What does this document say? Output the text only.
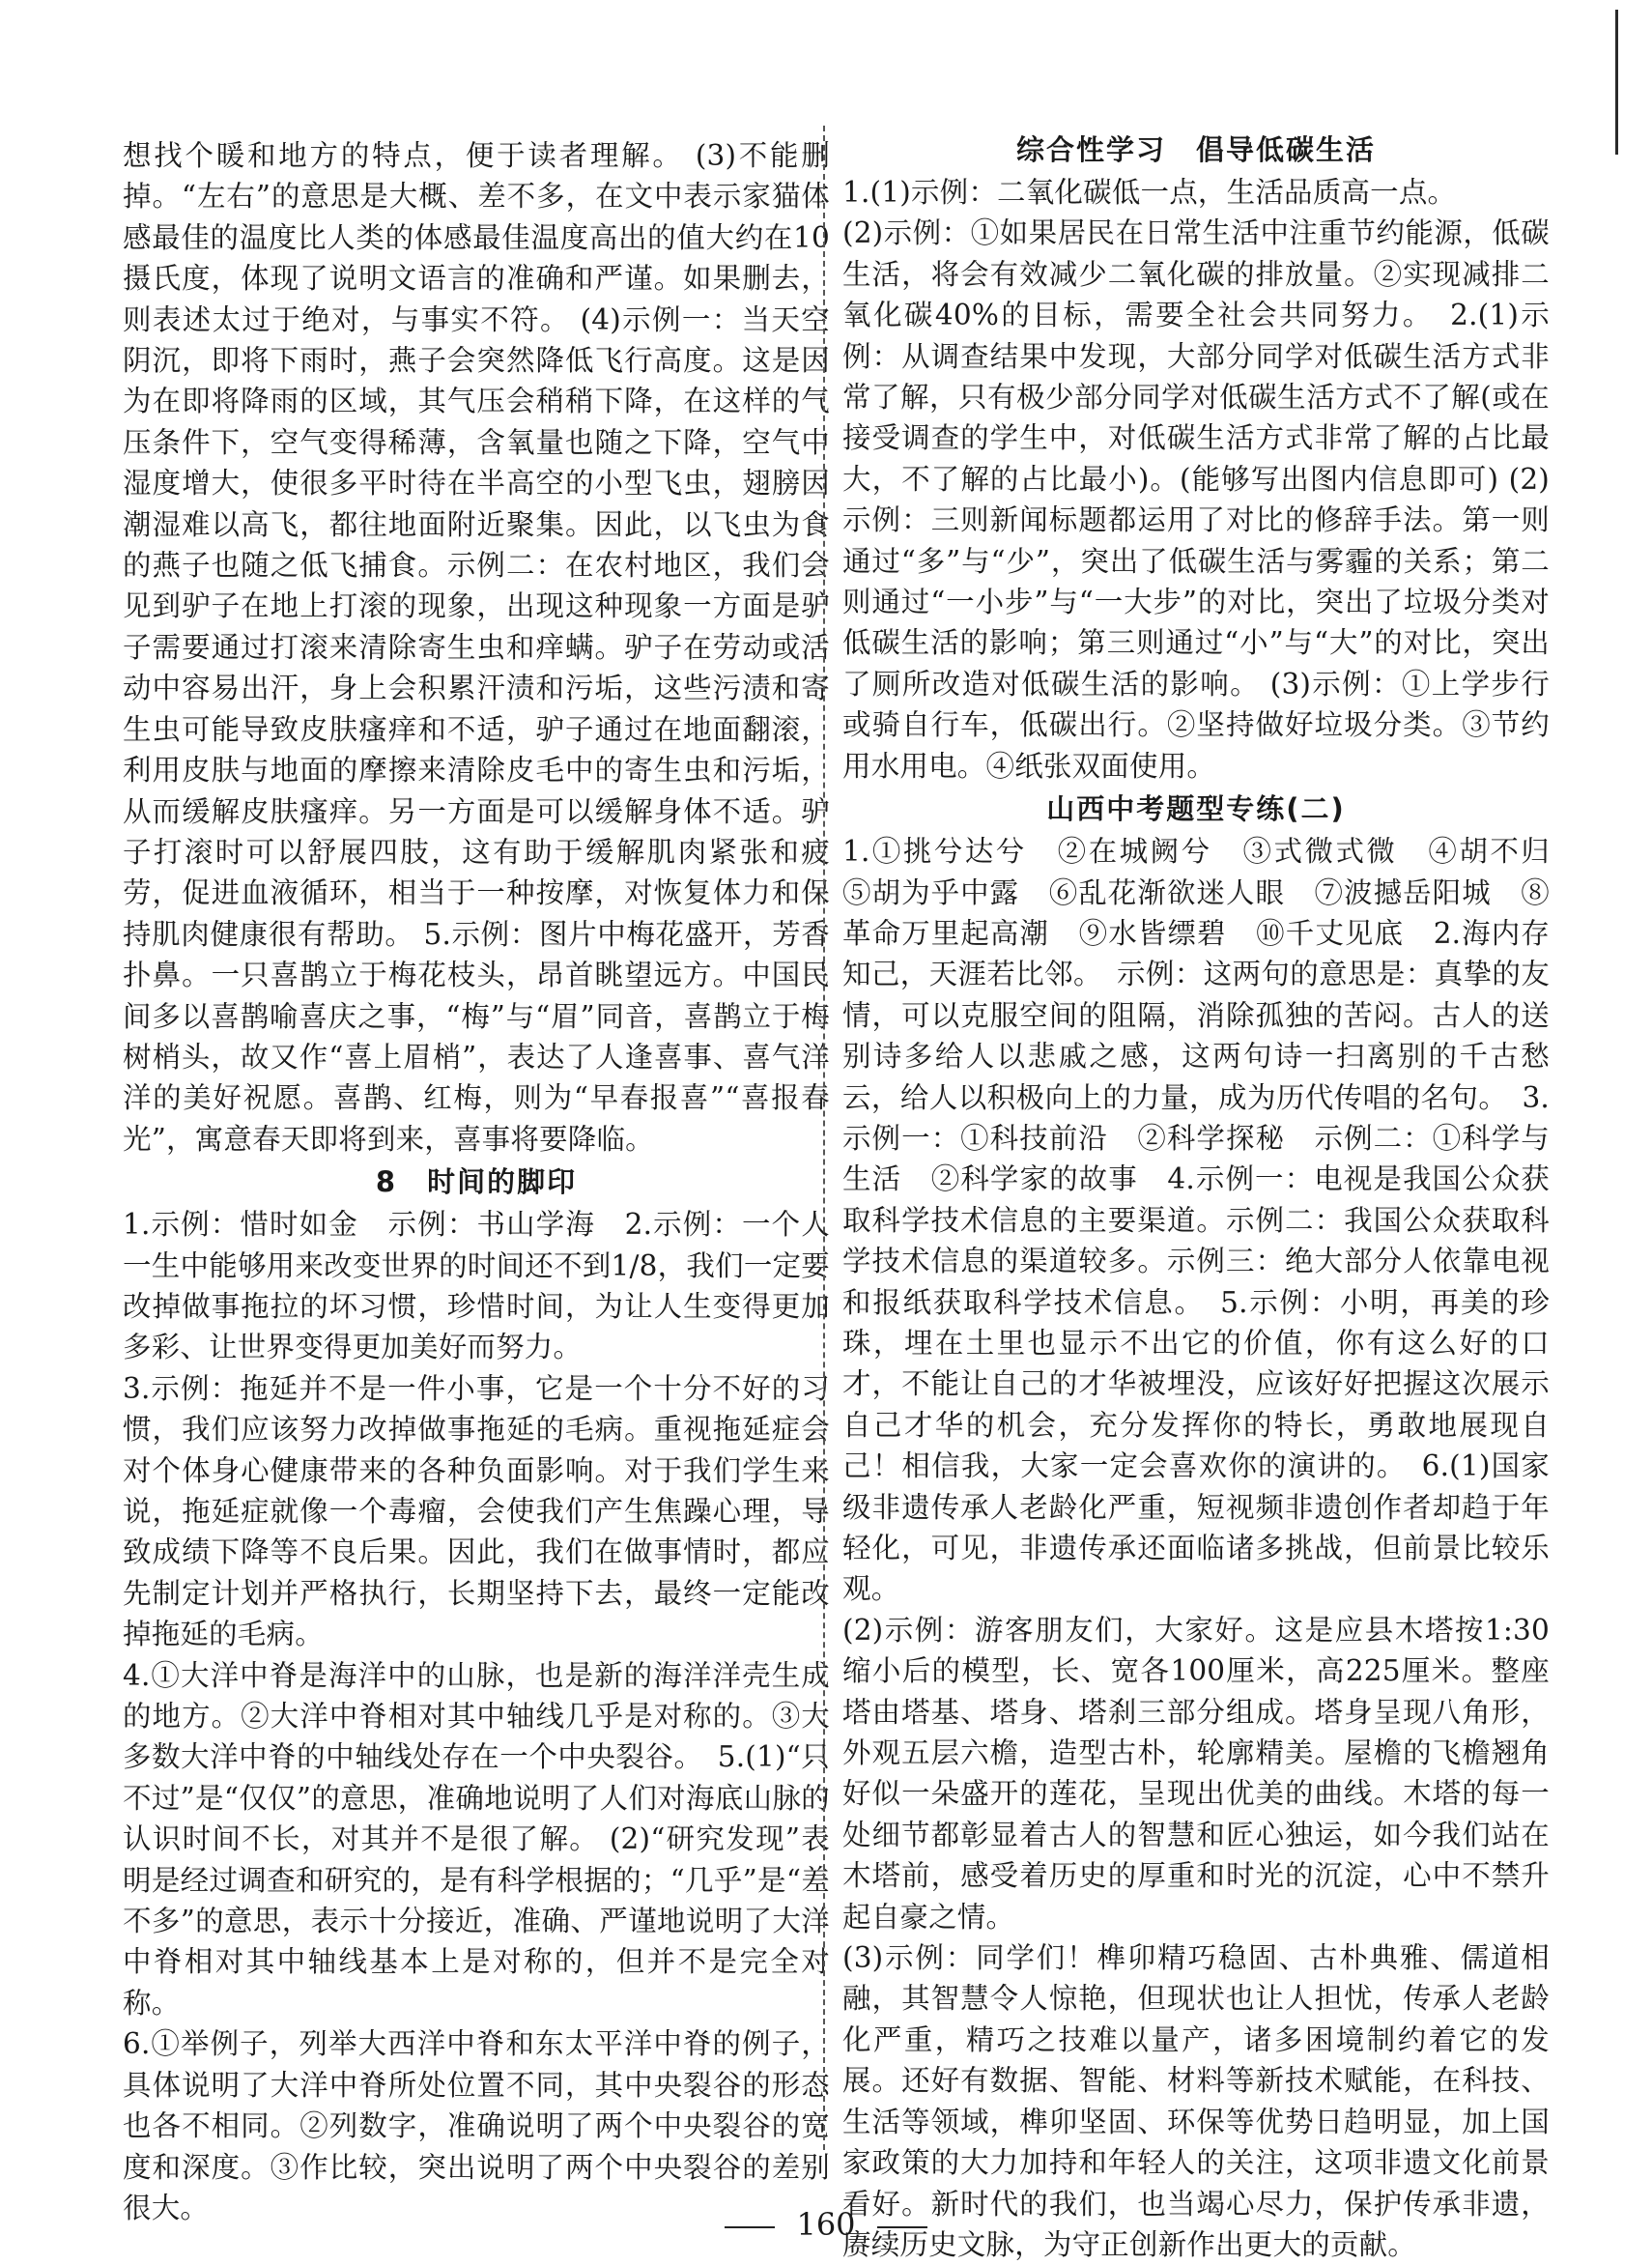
想找个暖和地方的特点，便于读者理解。 (3)不能删掉。“左右”的意思是大概、差不多，在文中表示家猫体感最佳的温度比人类的体感最佳温度高出的值大约在10摄氏度，体现了说明文语言的准确和严谨。如果删去，则表述太过于绝对，与事实不符。 (4)示例一：当天空阴沉，即将下雨时，燕子会突然降低飞行高度。这是因为在即将降雨的区域，其气压会稍稍下降，在这样的气压条件下，空气变得稀薄，含氧量也随之下降，空气中湿度增大，使很多平时待在半高空的小型飞虫，翅膀因潮湿难以高飞，都往地面附近聚集。因此，以飞虫为食的燕子也随之低飞捕食。示例二：在农村地区，我们会见到驴子在地上打滚的现象，出现这种现象一方面是驴子需要通过打滚来清除寄生虫和痒螨。驴子在劳动或活动中容易出汗，身上会积累汗渍和污垢，这些污渍和寄生虫可能导致皮肤瘙痒和不适，驴子通过在地面翻滚，利用皮肤与地面的摩擦来清除皮毛中的寄生虫和污垢，从而缓解皮肤瘙痒。另一方面是可以缓解身体不适。驴子打滚时可以舒展四肢，这有助于缓解肌肉紧张和疲劳，促进血液循环，相当于一种按摩，对恢复体力和保持肌肉健康很有帮助。 5.示例：图片中梅花盛开，芳香扑鼻。一只喜鹊立于梅花枝头，昂首眺望远方。中国民间多以喜鹊喻喜庆之事，“梅”与“眉”同音，喜鹊立于梅树梢头，故又作“喜上眉梢”，表达了人逢喜事、喜气洋洋的美好祝愿。喜鹊、红梅，则为“早春报喜”“喜报春光”，寓意春天即将到来，喜事将要降临。

8　时间的脚印

1.示例：惜时如金　示例：书山学海　2.示例：一个人一生中能够用来改变世界的时间还不到1/8，我们一定要改掉做事拖拉的坏习惯，珍惜时间，为让人生变得更加多彩、让世界变得更加美好而努力。

3.示例：拖延并不是一件小事，它是一个十分不好的习惯，我们应该努力改掉做事拖延的毛病。重视拖延症会对个体身心健康带来的各种负面影响。对于我们学生来说，拖延症就像一个毒瘤，会使我们产生焦躁心理，导致成绩下降等不良后果。因此，我们在做事情时，都应先制定计划并严格执行，长期坚持下去，最终一定能改掉拖延的毛病。

4.①大洋中脊是海洋中的山脉，也是新的海洋洋壳生成的地方。②大洋中脊相对其中轴线几乎是对称的。③大多数大洋中脊的中轴线处存在一个中央裂谷。　5.(1)“只不过”是“仅仅”的意思，准确地说明了人们对海底山脉的认识时间不长，对其并不是很了解。 (2)“研究发现”表明是经过调查和研究的，是有科学根据的；“几乎”是“差不多”的意思，表示十分接近，准确、严谨地说明了大洋中脊相对其中轴线基本上是对称的，但并不是完全对称。

6.①举例子，列举大西洋中脊和东太平洋中脊的例子，具体说明了大洋中脊所处位置不同，其中央裂谷的形态也各不相同。②列数字，准确说明了两个中央裂谷的宽度和深度。③作比较，突出说明了两个中央裂谷的差别很大。

综合性学习　倡导低碳生活

1.(1)示例：二氧化碳低一点，生活品质高一点。

(2)示例：①如果居民在日常生活中注重节约能源，低碳生活，将会有效减少二氧化碳的排放量。②实现减排二氧化碳40%的目标，需要全社会共同努力。　2.(1)示例：从调查结果中发现，大部分同学对低碳生活方式非常了解，只有极少部分同学对低碳生活方式不了解(或在接受调查的学生中，对低碳生活方式非常了解的占比最大，不了解的占比最小)。(能够写出图内信息即可) (2)示例：三则新闻标题都运用了对比的修辞手法。第一则通过“多”与“少”，突出了低碳生活与雾霾的关系；第二则通过“一小步”与“一大步”的对比，突出了垃圾分类对低碳生活的影响；第三则通过“小”与“大”的对比，突出了厕所改造对低碳生活的影响。 (3)示例：①上学步行或骑自行车，低碳出行。②坚持做好垃圾分类。③节约用水用电。④纸张双面使用。

山西中考题型专练(二)

1.①挑兮达兮　②在城阙兮　③式微式微　④胡不归　⑤胡为乎中露　⑥乱花渐欲迷人眼　⑦波撼岳阳城　⑧革命万里起高潮　⑨水皆缥碧　⑩千丈见底　2.海内存知己，天涯若比邻。　示例：这两句的意思是：真挚的友情，可以克服空间的阻隔，消除孤独的苦闷。古人的送别诗多给人以悲戚之感，这两句诗一扫离别的千古愁云，给人以积极向上的力量，成为历代传唱的名句。　3.示例一：①科技前沿　②科学探秘　示例二：①科学与生活　②科学家的故事　4.示例一：电视是我国公众获取科学技术信息的主要渠道。示例二：我国公众获取科学技术信息的渠道较多。示例三：绝大部分人依靠电视和报纸获取科学技术信息。　5.示例：小明，再美的珍珠，埋在土里也显示不出它的价值，你有这么好的口才，不能让自己的才华被埋没，应该好好把握这次展示自己才华的机会，充分发挥你的特长，勇敢地展现自己！相信我，大家一定会喜欢你的演讲的。　6.(1)国家级非遗传承人老龄化严重，短视频非遗创作者却趋于年轻化，可见，非遗传承还面临诸多挑战，但前景比较乐观。

(2)示例：游客朋友们，大家好。这是应县木塔按1:30缩小后的模型，长、宽各100厘米，高225厘米。整座塔由塔基、塔身、塔刹三部分组成。塔身呈现八角形，外观五层六檐，造型古朴，轮廓精美。屋檐的飞檐翘角好似一朵盛开的莲花，呈现出优美的曲线。木塔的每一处细节都彰显着古人的智慧和匠心独运，如今我们站在木塔前，感受着历史的厚重和时光的沉淀，心中不禁升起自豪之情。

(3)示例：同学们！榫卯精巧稳固、古朴典雅、儒道相融，其智慧令人惊艳，但现状也让人担忧，传承人老龄化严重，精巧之技难以量产，诸多困境制约着它的发展。还好有数据、智能、材料等新技术赋能，在科技、生活等领域，榫卯坚固、环保等优势日趋明显，加上国家政策的大力加持和年轻人的关注，这项非遗文化前景看好。新时代的我们，也当竭心尽力，保护传承非遗，赓续历史文脉，为守正创新作出更大的贡献。

160
